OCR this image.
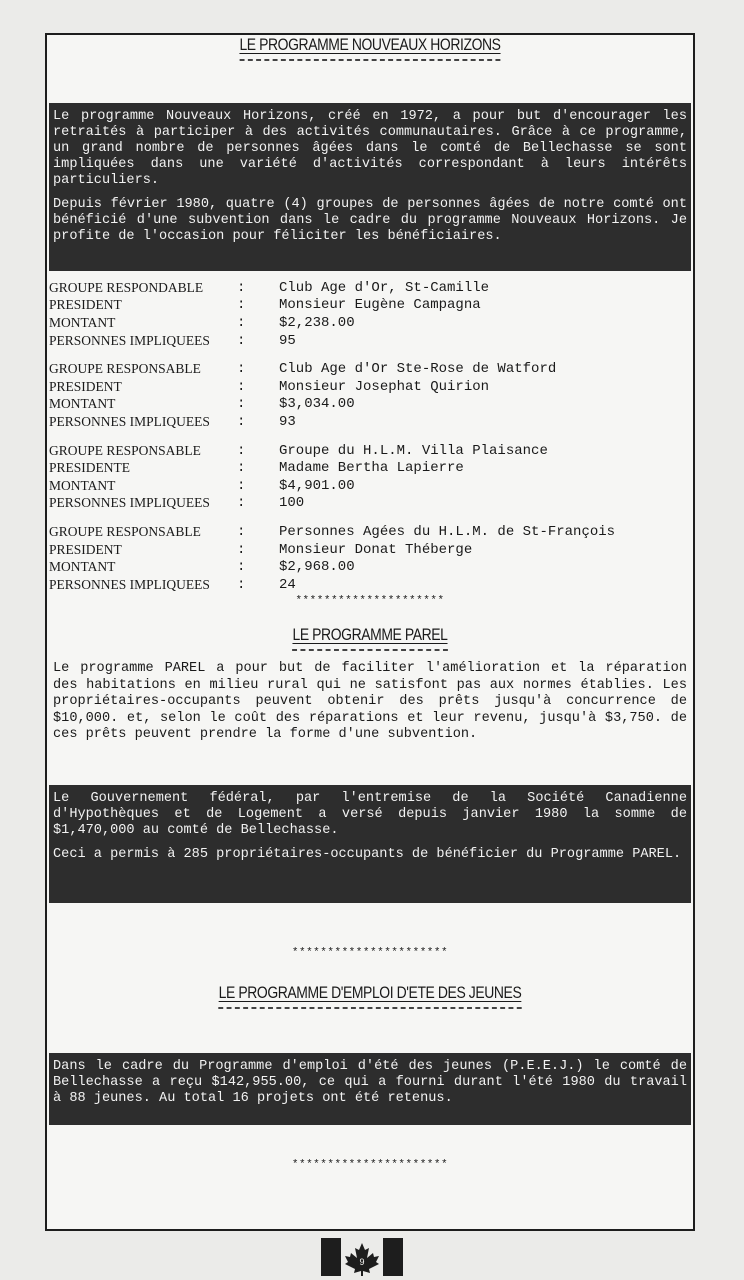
LE PROGRAMME NOUVEAUX HORIZONS

Le programme Nouveaux Horizons, créé en 1972, a pour but d'encourager les retraités à participer à des activités communautaires. Grâce à ce programme, un grand nombre de personnes âgées dans le comté de Bellechasse se sont impliquées dans une variété d'activités correspondant à leurs intérêts particuliers.

Depuis février 1980, quatre (4) groupes de personnes âgées de notre comté ont bénéficié d'une subvention dans le cadre du programme Nouveaux Horizons. Je profite de l'occasion pour féliciter les bénéficiaires.

GROUPE RESPONDABLE	:	Club Age d'Or, St-Camille
PRESIDENT	:	Monsieur Eugène Campagna
MONTANT	:	$2,238.00
PERSONNES IMPLIQUEES	:	95
GROUPE RESPONSABLE	:	Club Age d'Or Ste-Rose de Watford
PRESIDENT	:	Monsieur Josephat Quirion
MONTANT	:	$3,034.00
PERSONNES IMPLIQUEES	:	93
GROUPE RESPONSABLE	:	Groupe du H.L.M. Villa Plaisance
PRESIDENTE	:	Madame Bertha Lapierre
MONTANT	:	$4,901.00
PERSONNES IMPLIQUEES	:	100
GROUPE RESPONSABLE	:	Personnes Agées du H.L.M. de St-François
PRESIDENT	:	Monsieur Donat Théberge
MONTANT	:	$2,968.00
PERSONNES IMPLIQUEES	:	24
*********************
LE PROGRAMME PAREL
Le programme PAREL a pour but de faciliter l'amélioration et la réparation des habitations en milieu rural qui ne satisfont pas aux normes établies. Les propriétaires-occupants peuvent obtenir des prêts jusqu'à concurrence de $10,000. et, selon le coût des réparations et leur revenu, jusqu'à $3,750. de ces prêts peuvent prendre la forme d'une subvention.

Le Gouvernement fédéral, par l'entremise de la Société Canadienne d'Hypothèques et de Logement a versé depuis janvier 1980 la somme de $1,470,000 au comté de Bellechasse.

Ceci a permis à 285 propriétaires-occupants de bénéficier du Programme PAREL.

**********************
LE PROGRAMME D'EMPLOI D'ETE DES JEUNES

Dans le cadre du Programme d'emploi d'été des jeunes (P.E.E.J.) le comté de Bellechasse a reçu $142,955.00, ce qui a fourni durant l'été 1980 du travail à 88 jeunes. Au total 16 projets ont été retenus.

**********************
9
